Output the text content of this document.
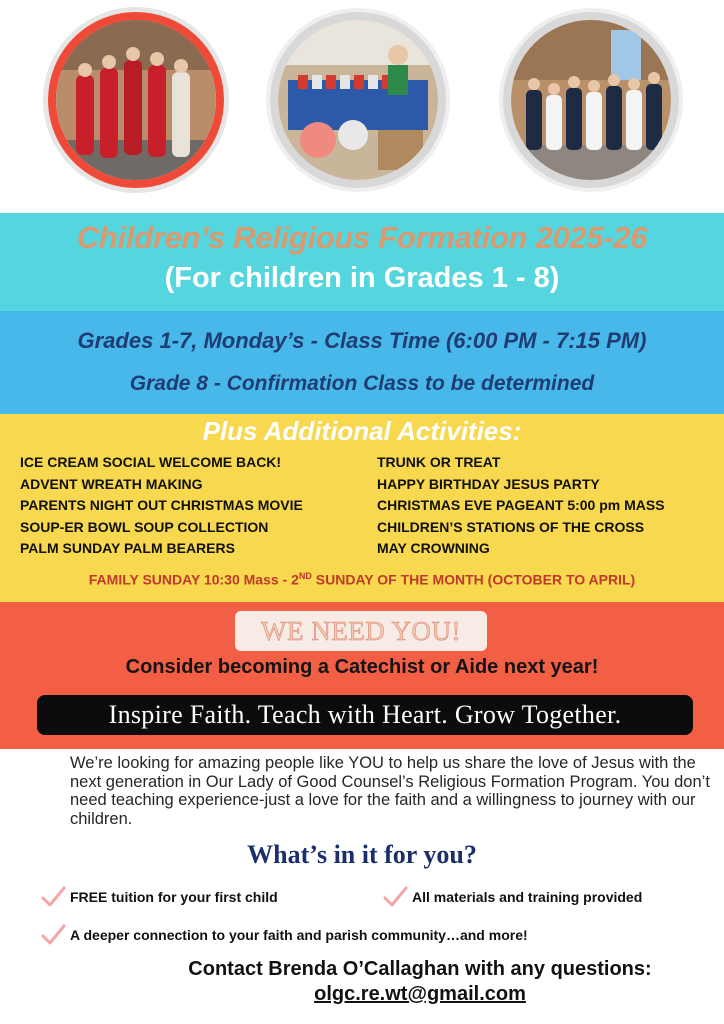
Children’s Religious Formation 2025-26
(For children in Grades 1 - 8)

Grades 1-7, Monday’s - Class Time (6:00 PM - 7:15 PM)

Grade 8 - Confirmation Class to be determined

Plus Additional Activities:
ICE CREAM SOCIAL WELCOME BACK!
ADVENT WREATH MAKING
PARENTS NIGHT OUT CHRISTMAS MOVIE
SOUP-ER BOWL SOUP COLLECTION
PALM SUNDAY PALM BEARERS
TRUNK OR TREAT
HAPPY BIRTHDAY JESUS PARTY
CHRISTMAS EVE PAGEANT 5:00 pm MASS
CHILDREN’S STATIONS OF THE CROSS
MAY CROWNING

FAMILY SUNDAY 10:30 Mass - 2ND SUNDAY OF THE MONTH (OCTOBER TO APRIL)

WE NEED YOU!

Consider becoming a Catechist or Aide next year!

Inspire Faith. Teach with Heart. Grow Together.

We’re looking for amazing people like YOU to help us share the love of Jesus with the next generation in Our Lady of Good Counsel’s Religious Formation Program. You don’t need teaching experience-just a love for the faith and a willingness to journey with our children.

What’s in it for you?
FREE tuition for your first child	All materials and training provided
A deeper connection to your faith and parish community…and more!

Contact Brenda O’Callaghan with any questions:

olgc.re.wt@gmail.com
